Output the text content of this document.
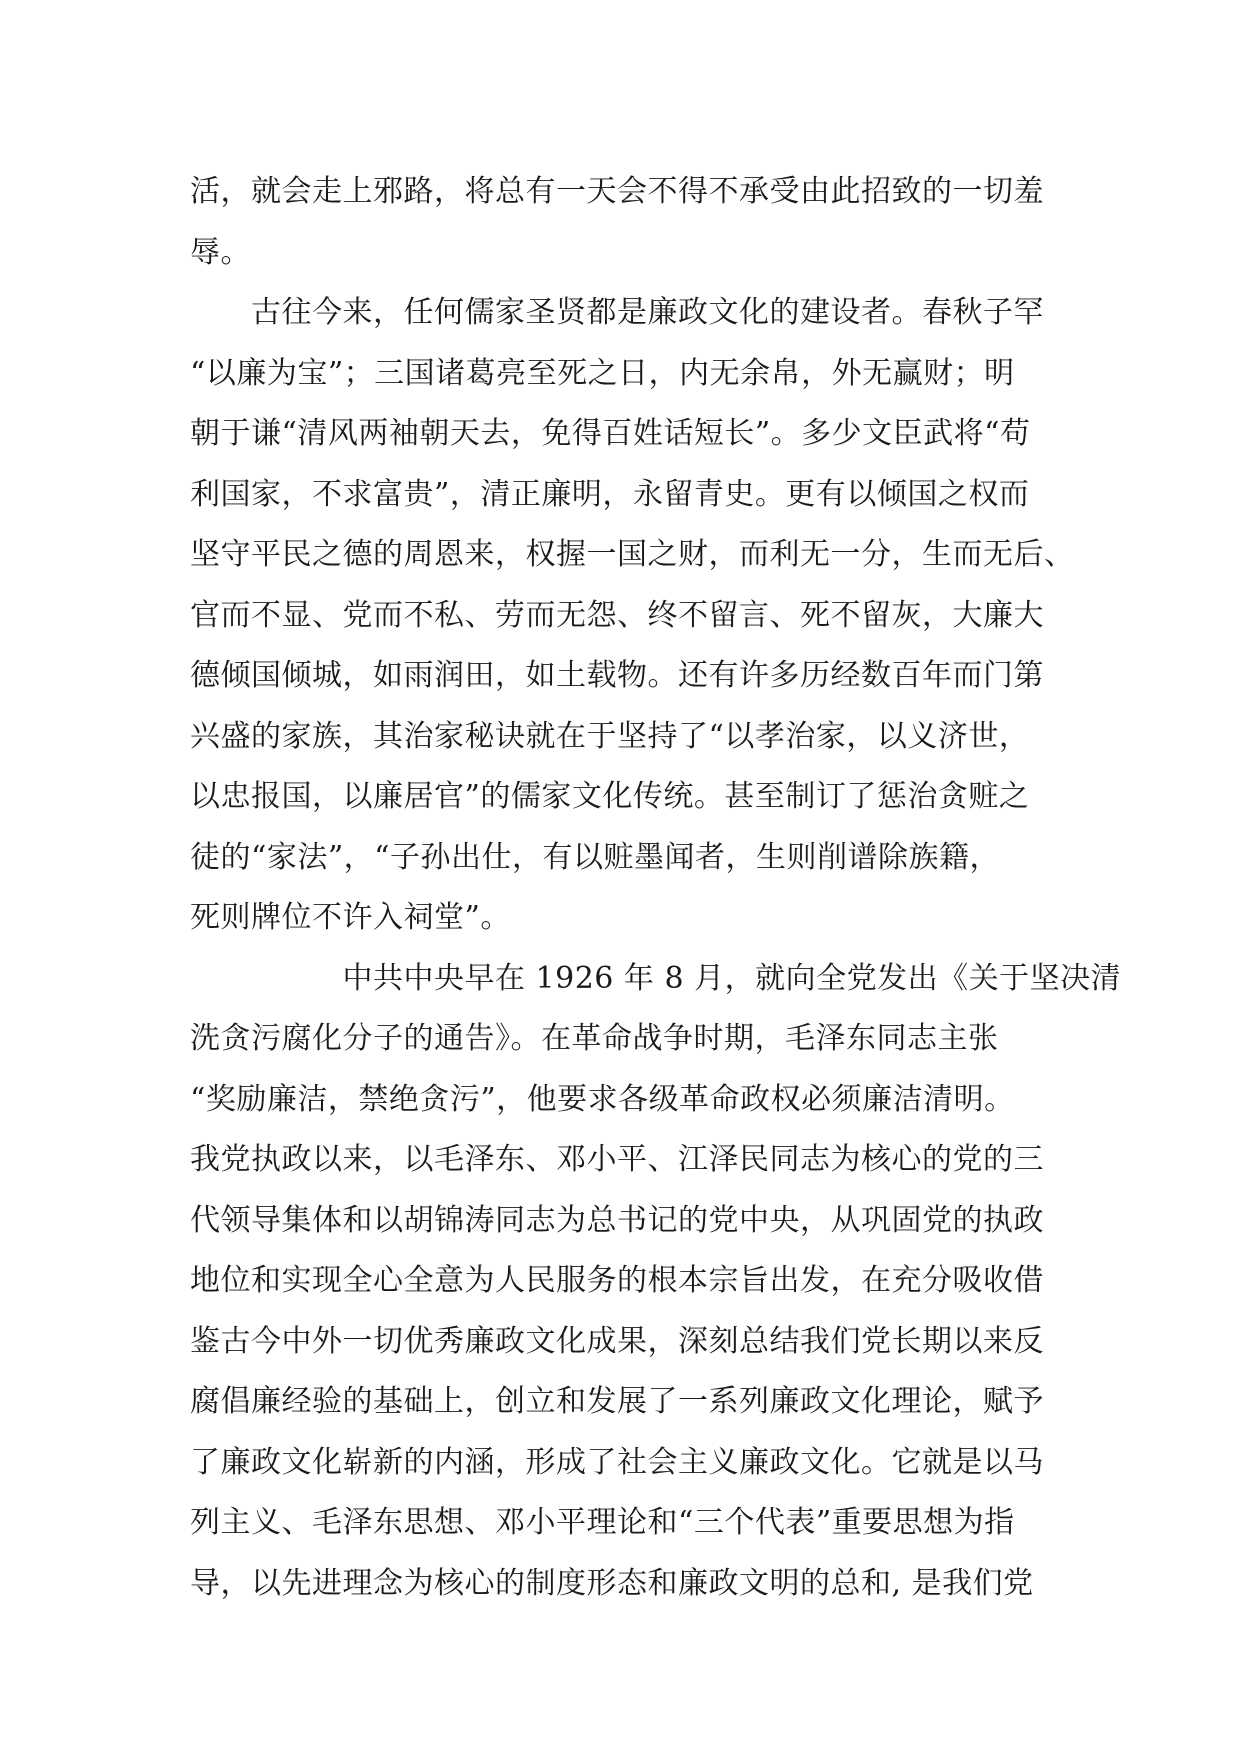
活，就会走上邪路，将总有一天会不得不承受由此招致的一切羞
辱。
　　古往今来，任何儒家圣贤都是廉政文化的建设者。春秋子罕
“以廉为宝”；三国诸葛亮至死之日，内无余帛，外无赢财；明
朝于谦“清风两袖朝天去，免得百姓话短长”。多少文臣武将“苟
利国家，不求富贵”，清正廉明，永留青史。更有以倾国之权而
坚守平民之德的周恩来，权握一国之财，而利无一分，生而无后、
官而不显、党而不私、劳而无怨、终不留言、死不留灰，大廉大
德倾国倾城，如雨润田，如土载物。还有许多历经数百年而门第
兴盛的家族，其治家秘诀就在于坚持了“以孝治家，以义济世，
以忠报国，以廉居官”的儒家文化传统。甚至制订了惩治贪赃之
徒的“家法”，“子孙出仕，有以赃墨闻者，生则削谱除族籍，
死则牌位不许入祠堂”。
　　　　　中共中央早在 1926 年 8 月，就向全党发出《关于坚决清
洗贪污腐化分子的通告》。在革命战争时期，毛泽东同志主张
“奖励廉洁，禁绝贪污”，他要求各级革命政权必须廉洁清明。
我党执政以来，以毛泽东、邓小平、江泽民同志为核心的党的三
代领导集体和以胡锦涛同志为总书记的党中央，从巩固党的执政
地位和实现全心全意为人民服务的根本宗旨出发，在充分吸收借
鉴古今中外一切优秀廉政文化成果，深刻总结我们党长期以来反
腐倡廉经验的基础上，创立和发展了一系列廉政文化理论，赋予
了廉政文化崭新的内涵，形成了社会主义廉政文化。它就是以马
列主义、毛泽东思想、邓小平理论和“三个代表”重要思想为指
导，以先进理念为核心的制度形态和廉政文明的总和, 是我们党
